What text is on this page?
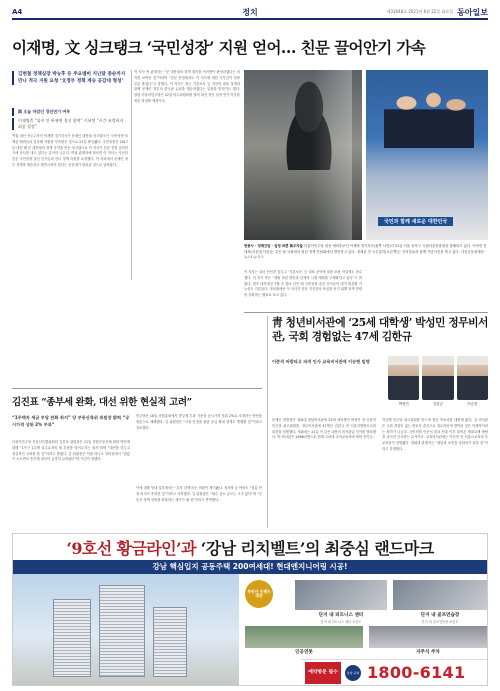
A4	정치	제31648호 2021년 6월 22일 화요일 동아일보
이재명, 文 싱크탱크 ‘국민성장’ 지원 얻어… 친문 끌어안기 가속
김현철 정책실장 박능후 등 주요멤버 지난달 중순까지 만나 적극 지원 요청 ‘文정부 정책 계승 공감대 형성’
與 오늘 마감인 경선연기 여부
이재명측 “룰이 안 바뀌면 경선 참여” 이낙연 “시간 조정하자 최종 결정”
여권 대선 선두주자인 이재명 경기지사가 문재인 대통령 싱크탱크인 ‘국민성장’의 핵심 멤버들과 접촉해 지원을 약속받은 것으로 21일 확인됐다. 국민성장은 2017년 대선 때 문 대통령의 정책 공약을 만든 싱크탱크로 이 지사가 친문 진영 끌어안기에 속도를 내고 있다는 분석이 나온다. 여권 관계자에 따르면 이 지사는 지난달 중순 국민성장 출신 인사들과 만나 정책 지원을 요청했다. 이 자리에서 문재인 정부 정책을 계승하고 발전시켜야 한다는 공감대가 형성된 것으로 알려졌다.
이 지사 측 관계자는 “문 대통령의 정책 철학을 이어받아 완성하겠다는 의지를 보여준 것”이라며 “친문 진영에서도 이 지사에 대한 거부감이 상당 부분 줄었다”고 말했다. 이 지사는 최근 기본소득 등 자신의 대표 정책과 함께 문재인 정부의 한국판 뉴딜을 계승하겠다는 입장을 밝히기도 했다. 한편 더불어민주당은 22일 당무위원회를 열어 대선 경선 일정 연기 여부를 최종 결정할 예정이다.
국민과 함께 새로운 대한민국
현충사 · 정책간담 · 일정 바쁜 與주자들 더불어민주당 대선 예비후보인 이재명 경기지사(왼쪽 사진)가 21일 서울 동작구 국립서울현충원을 참배하고 있다. 이낙연 전 대표(가운데 사진)는 같은 날 국회에서 열린 정책 간담회에서 발언하고 있다. 정세균 전 국무총리(오른쪽)는 지지자들과 함께 기념사진을 찍고 있다. 사진공동취재단·뉴스1·뉴시스
이 지사는 출마 선언을 앞두고 ‘기본소득’ 등 대표 공약에 대한 보완 작업에도 착수했다. 이 지사 측은 “재원 마련 방안과 단계적 시행 계획을 구체화하고 있다”고 밝혔다. 캠프 내부에선 7월 초 출마 선언 때 국민성장 출신 인사들이 대거 합류할 가능성도 거론된다. 정치권에선 이 지사가 친문 지지층의 표심을 얻기 위해 정책 연대를 강화하는 행보로 보고 있다.
靑 청년비서관에 ‘25세 대학생’ 박성민 정무비서관, 국회 경험없는 47세 김한규
이준석 바람타고 파격 인사 교육비서관에 이승현 임명
박성민	김한규	이승현
문재인 대통령이 청와대 청년비서관에 25세 대학생인 박성민 전 더불어민주당 최고위원을, 정무비서관에 47세인 김한규 전 서울지방변호사회 회장을 임명했다. 청와대는 21일 이 같은 내용의 비서관급 인사를 발표했다. 박 비서관은 1996년생으로 현재 고려대 국어교육과에 재학 중이다.
지난해 민주당 최고위원을 맡으며 청년 목소리를 대변해 왔다. 김 비서관은 국회 경험이 없는 변호사 출신으로 정무라인에 발탁된 것은 이례적이라는 평가가 나온다. 국민의힘 이준석 대표 선출 이후 불어온 세대교체 바람을 의식한 인사라는 분석이다. 교육비서관에는 이승현 전 서울시교육청 부교육감이 임명됐다. 청와대 관계자는 “청년과 소통을 강화하기 위한 것”이라고 설명했다.
김진표 “종부세 완화, 대선 위한 현실적 고려”
“1주택자 세금 부담 완화 취지” 당 부동산특위 위원장 밝혀 “공시가격 상위 2% 부과”
더불어민주당 부동산특별위원회 김진표 위원장은 21일 종합부동산세 완화 방안에 대해 “1가구 1주택 실수요자의 세 부담을 덜어주자는 취지”라며 “대선을 앞두고 현실적인 고려를 한 것”이라고 밝혔다. 김 위원장은 이날 라디오 인터뷰에서 “집값이 오르면서 종부세 대상이 급격히 늘어났다”며 이같이 말했다.
민주당은 18일 의원총회에서 종부세 부과 기준을 공시가격 상위 2%로 조정하는 방안을 당론으로 채택했다. 김 위원장은 “시장 안정을 위한 공급 확대 정책도 병행할 것”이라고 강조했다.
이에 대해 당내 일부에서는 ‘부자 감세’라는 비판이 제기됐다. 정의당 등 야당도 “집값 안정 의지가 후퇴한 것”이라고 지적했다. 김 위원장은 “세수 감소 규모는 크지 않다”며 “부동산 정책 신뢰를 회복하는 계기가 될 것”이라고 반박했다.
‘9호선 황금라인’과 ‘강남 리치벨트’의 최중심 랜드마크
강남 핵심입지 공동주택 200여세대! 현대엔지니어링 시공!
부동산 브랜드 대상
단지 내 피트니스 센터
단지 내 피트니스 센터 조감도
단지 내 골프연습장
단지 내 골프연습장 조감도
인공연못	자주식 주차
예약방문 필수	분양 문의 1800-6141
